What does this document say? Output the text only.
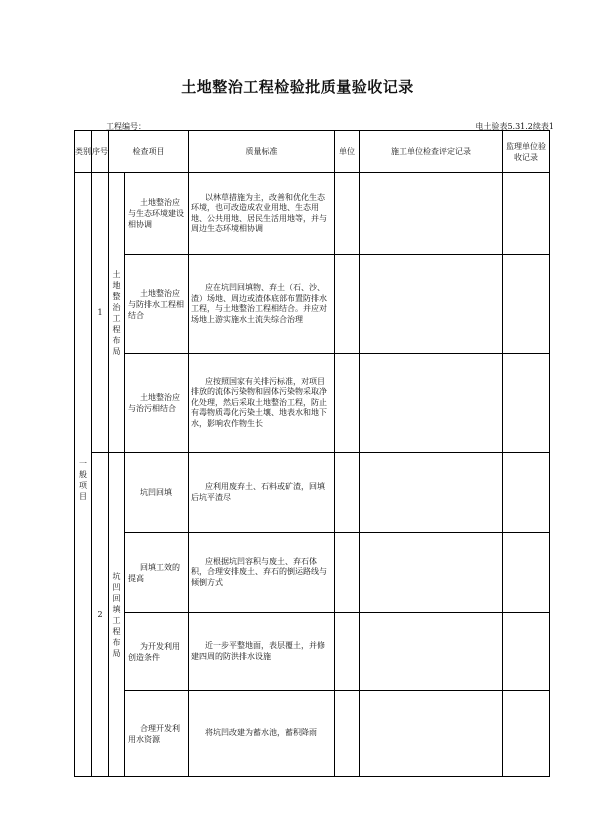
土地整治工程检验批质量验收记录
工程编号：	电土验表5.31.2续表1
类别	序号	检查项目		质量标准	单位	施工单位检查评定记录	监理单位验收记录

一般项目	1	土地整治工程布局	土地整治应与生态环境建设相协调	以林草措施为主，改善和优化生态环境，也可改造成农业用地、生态用地、公共用地、居民生活用地等，并与周边生态环境相协调			
			土地整治应与防排水工程相结合	应在坑凹回填物、弃土（石、沙、渣）场地、周边或渣体底部布置防排水工程，与土地整治工程相结合。并应对场地上游实施水土流失综合治理			
			土地整治应与治污相结合	应按照国家有关排污标准，对项目排放的流体污染物和固体污染物采取净化处理，然后采取土地整治工程，防止有毒物质毒化污染土壤、地表水和地下水，影响农作物生长			
	2	坑凹回填工程布局	坑凹回填	应利用废弃土、石料或矿渣，回填后坑平渣尽			
			回填工效的提高	应根据坑凹容积与废土、弃石体积，合理安排废土、弃石的倒运路线与倾倒方式			
			为开发利用创造条件	近一步平整地面，表层覆土，并修建四周的防洪排水设施			
			合理开发利用水资源	将坑凹改建为蓄水池，蓄积降雨			
